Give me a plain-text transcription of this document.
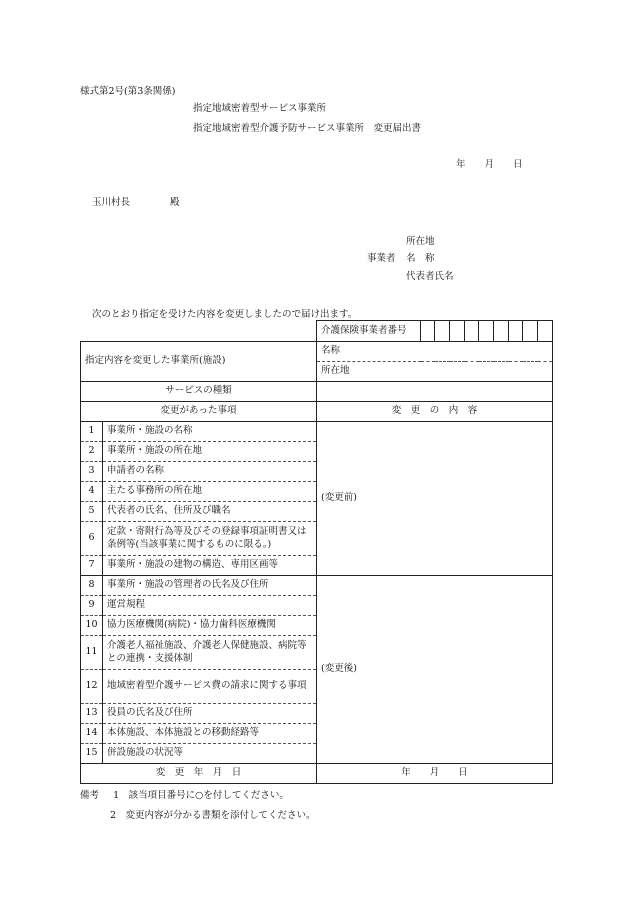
様式第2号(第3条関係)
指定地域密着型サービス事業所
指定地域密着型介護予防サービス事業所　変更届出書
年　　月　　日
玉川村長	殿
所在地
事業者 名　称
代表者氏名
次のとおり指定を受けた内容を変更しましたので届け出ます。
		介護保険事業者番号									
指定内容を変更した事業所(施設)		名称									
		所在地									
サービスの種類											
変更があった事項		変　更　の　内　容									
1	事業所・施設の名称	(変更前)									
2	事業所・施設の所在地										
3	申請者の名称										
4	主たる事務所の所在地										
5	代表者の氏名、住所及び職名										
6	定款・寄附行為等及びその登録事項証明書又は条例等(当該事業に関するものに限る。)										
7	事業所・施設の建物の構造、専用区画等										
8	事業所・施設の管理者の氏名及び住所	(変更後)									
9	運営規程										
10	協力医療機関(病院)・協力歯科医療機関										
11	介護老人福祉施設、介護老人保健施設、病院等との連携・支援体制										
12	地域密着型介護サービス費の請求に関する事項										
13	役員の氏名及び住所										
14	本体施設、本体施設との移動経路等										
15	併設施設の状況等										
変　更　年　月　日		年　　月　　日									
備考 1　該当項目番号に○を付してください。
2　変更内容が分かる書類を添付してください。
